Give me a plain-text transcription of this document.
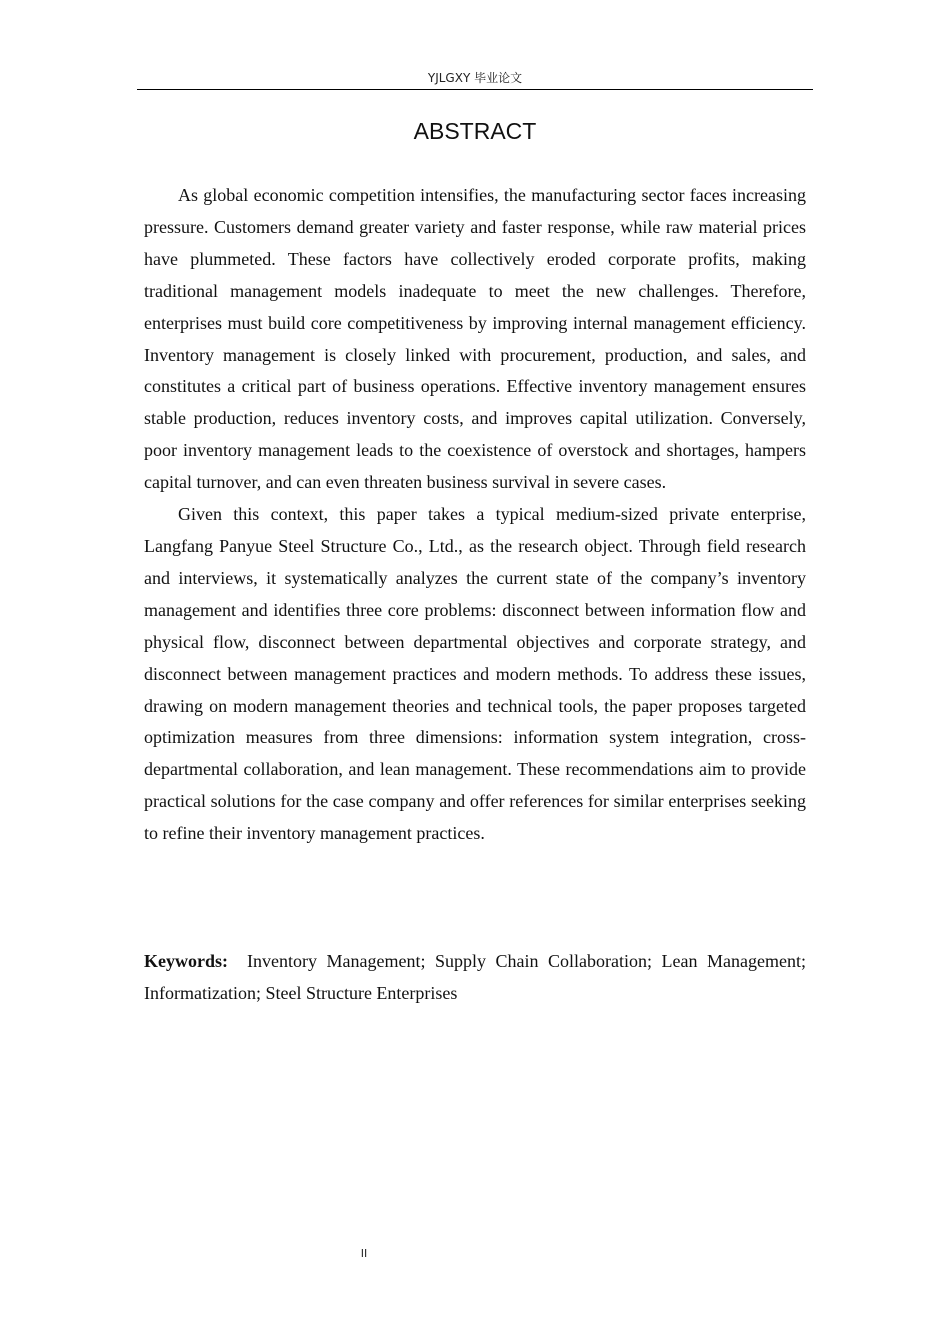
YJLGXY 毕业论文
ABSTRACT

As global economic competition intensifies, the manufacturing sector faces increasing pressure. Customers demand greater variety and faster response, while raw material prices have plummeted. These factors have collectively eroded corporate profits, making traditional management models inadequate to meet the new challenges. Therefore, enterprises must build core competitiveness by improving internal management efficiency. Inventory management is closely linked with procurement, production, and sales, and constitutes a critical part of business operations. Effective inventory management ensures stable production, reduces inventory costs, and improves capital utilization. Conversely, poor inventory management leads to the coexistence of overstock and shortages, hampers capital turnover, and can even threaten business survival in severe cases.

Given this context, this paper takes a typical medium-sized private enterprise, Langfang Panyue Steel Structure Co., Ltd., as the research object. Through field research and interviews, it systematically analyzes the current state of the company’s inventory management and identifies three core problems: disconnect between information flow and physical flow, disconnect between departmental objectives and corporate strategy, and disconnect between management practices and modern methods. To address these issues, drawing on modern management theories and technical tools, the paper proposes targeted optimization measures from three dimensions: information system integration, cross-departmental collaboration, and lean management. These recommendations aim to provide practical solutions for the case company and offer references for similar enterprises seeking to refine their inventory management practices.

Keywords: Inventory Management; Supply Chain Collaboration; Lean Management; Informatization; Steel Structure Enterprises

II
